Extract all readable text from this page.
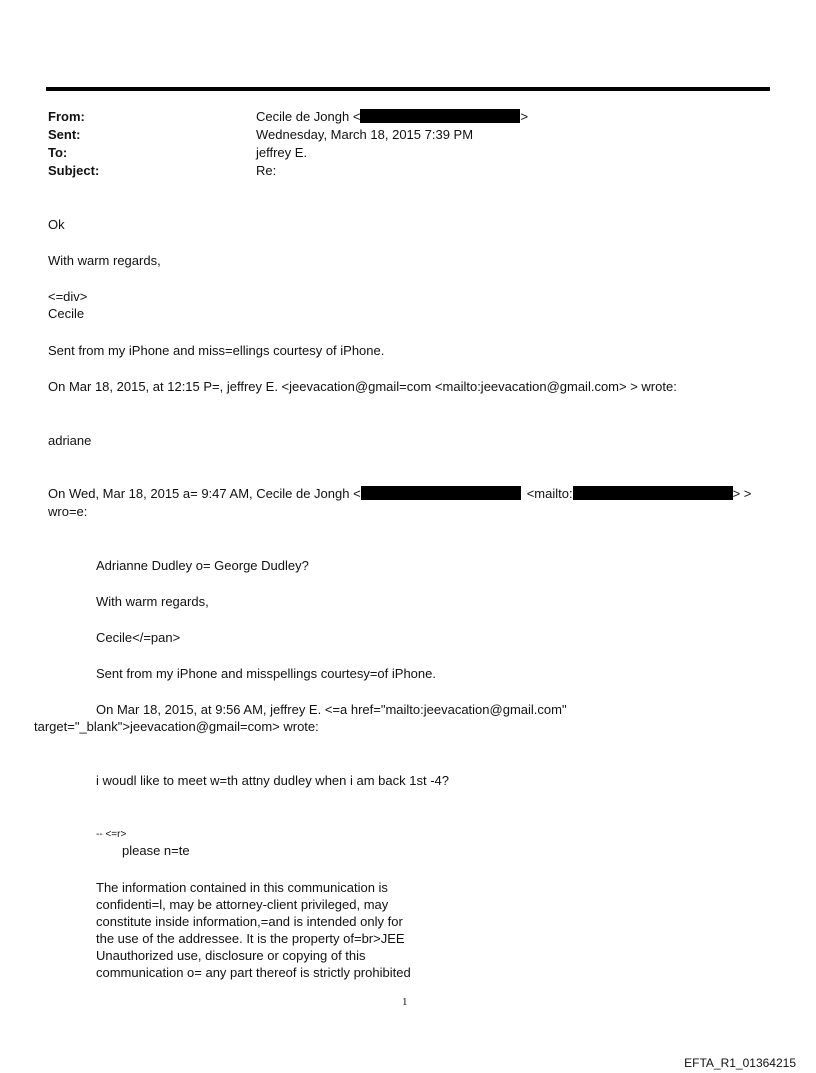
From:	Cecile de Jongh <	>
Sent:	Wednesday, March 18, 2015 7:39 PM
To:	jeffrey E.
Subject:	Re:
Ok
With warm regards,
<=div>
Cecile
Sent from my iPhone and miss=ellings courtesy of iPhone.
On Mar 18, 2015, at 12:15 P=, jeffrey E. <jeevacation@gmail=com <mailto:jeevacation@gmail.com> > wrote:
adriane
On Wed, Mar 18, 2015 a= 9:47 AM, Cecile de Jongh <	<mailto:	> >
wro=e:
Adrianne Dudley o= George Dudley?
With warm regards,
Cecile</=pan>
Sent from my iPhone and misspellings courtesy=of iPhone.
On Mar 18, 2015, at 9:56 AM, jeffrey E. <=a href="mailto:jeevacation@gmail.com"
target="_blank">jeevacation@gmail=com> wrote:
i woudl like to meet w=th attny dudley when i am back 1st -4?
-- <=r>
please n=te
The information contained in this communication is
confidenti=l, may be attorney-client privileged, may
constitute inside information,=and is intended only for
the use of the addressee. It is the property of=br>JEE
Unauthorized use, disclosure or copying of this
communication o= any part thereof is strictly prohibited
1
EFTA_R1_01364215
